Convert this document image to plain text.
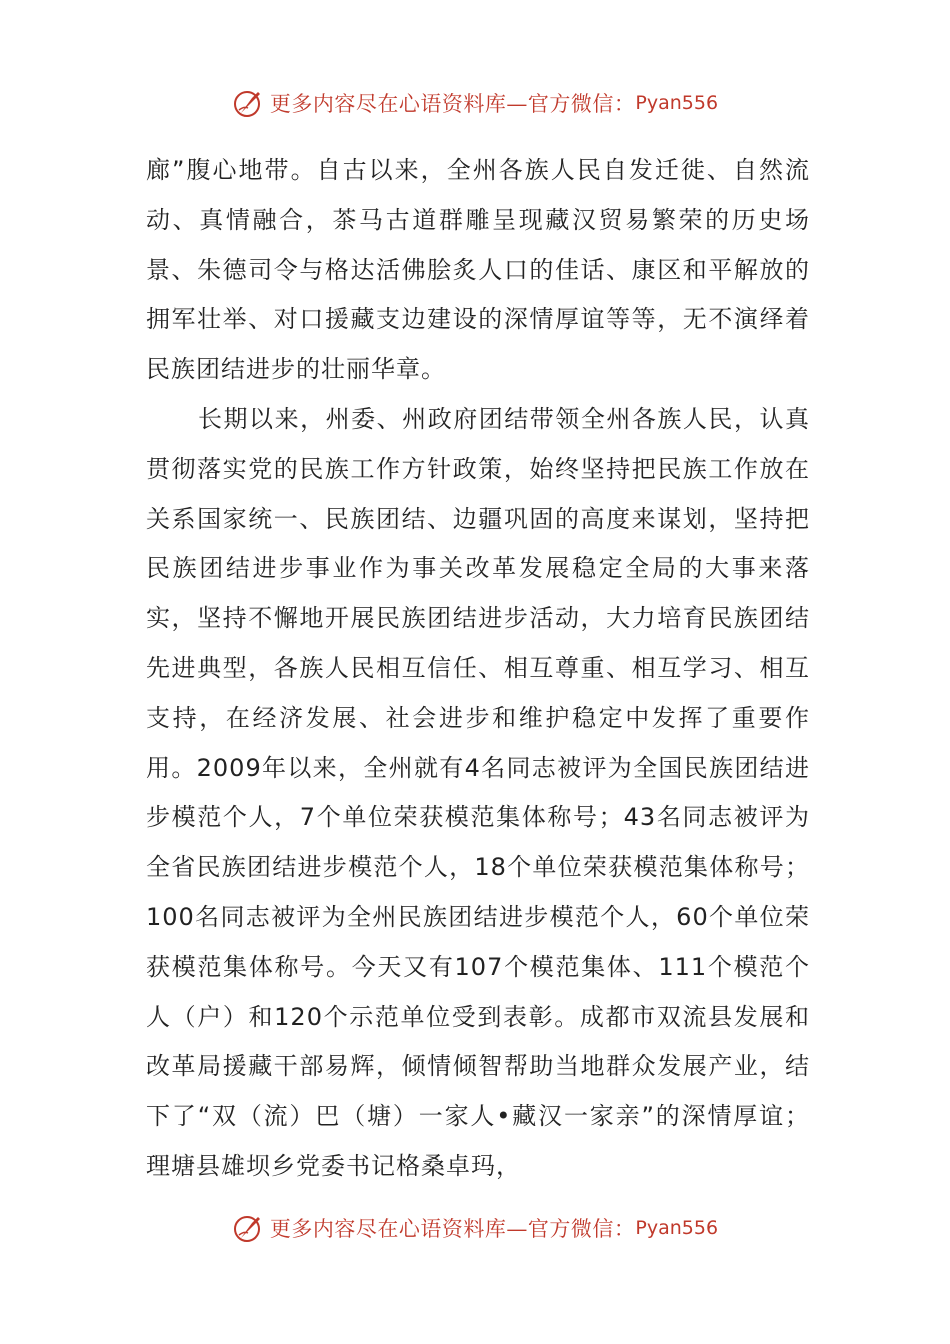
更多内容尽在心语资料库—官方微信： Pyan556

廊”腹心地带。自古以来，全州各族人民自发迁徙、自然流动、真情融合，茶马古道群雕呈现藏汉贸易繁荣的历史场景、朱德司令与格达活佛脍炙人口的佳话、康区和平解放的拥军壮举、对口援藏支边建设的深情厚谊等等，无不演绎着民族团结进步的壮丽华章。

长期以来，州委、州政府团结带领全州各族人民，认真贯彻落实党的民族工作方针政策，始终坚持把民族工作放在关系国家统一、民族团结、边疆巩固的高度来谋划，坚持把民族团结进步事业作为事关改革发展稳定全局的大事来落实，坚持不懈地开展民族团结进步活动，大力培育民族团结先进典型，各族人民相互信任、相互尊重、相互学习、相互支持，在经济发展、社会进步和维护稳定中发挥了重要作用。2009年以来，全州就有4名同志被评为全国民族团结进步模范个人，7个单位荣获模范集体称号；43名同志被评为全省民族团结进步模范个人，18个单位荣获模范集体称号；100名同志被评为全州民族团结进步模范个人，60个单位荣获模范集体称号。今天又有107个模范集体、111个模范个人（户）和120个示范单位受到表彰。成都市双流县发展和改革局援藏干部易辉，倾情倾智帮助当地群众发展产业，结下了“双（流）巴（塘）一家人•藏汉一家亲”的深情厚谊；理塘县雄坝乡党委书记格桑卓玛，

更多内容尽在心语资料库—官方微信： Pyan556
